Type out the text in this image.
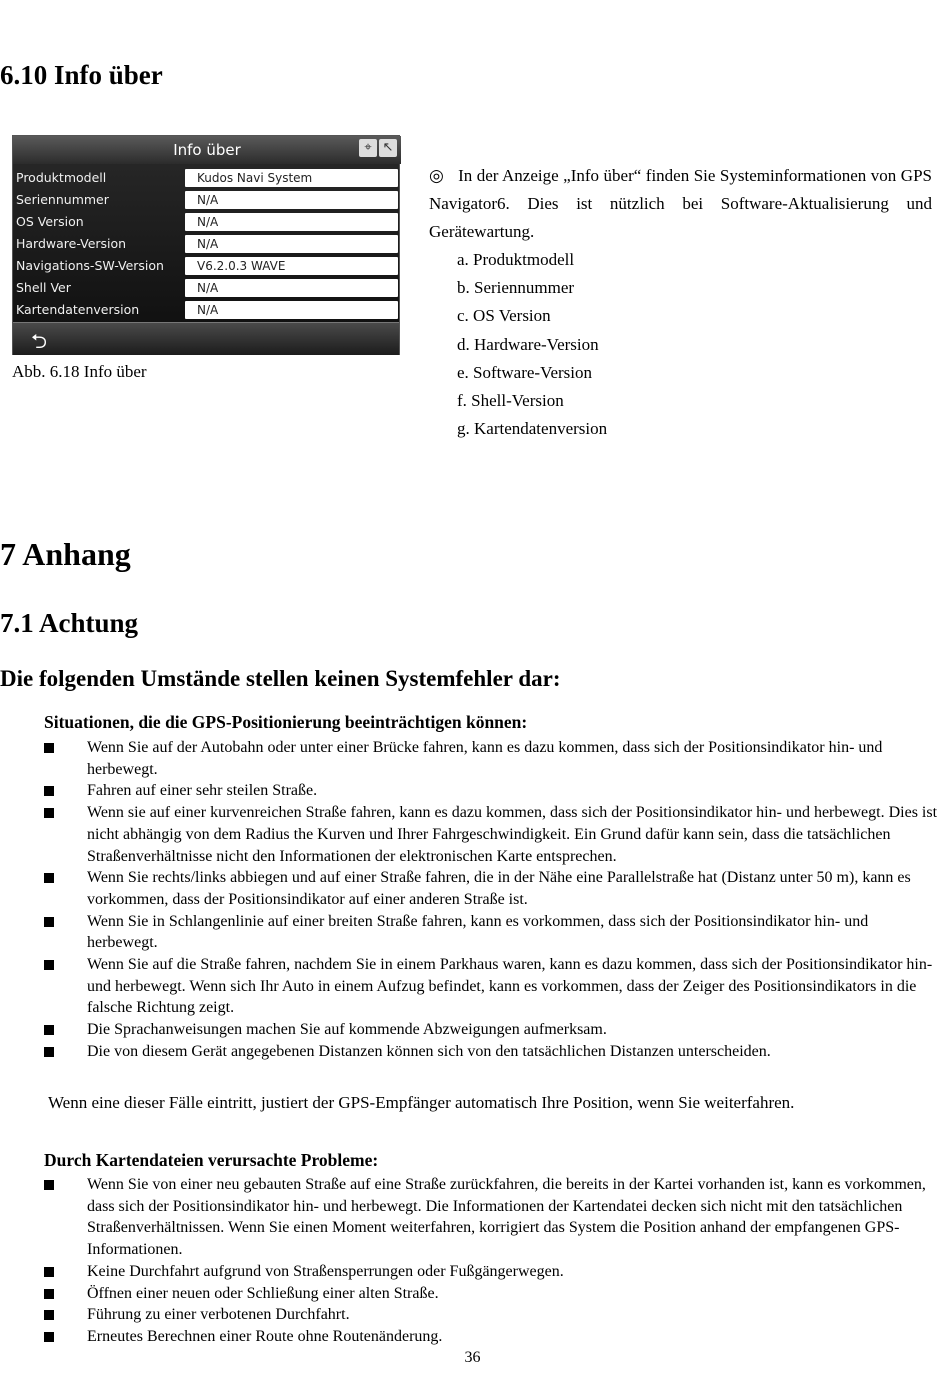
6.10 Info über
Info über	⌖ ↖
Produktmodell	Kudos Navi System
Seriennummer	N/A
OS Version	N/A
Hardware-Version	N/A
Navigations-SW-Version	V6.2.0.3 WAVE
Shell Ver	N/A
Kartendatenversion	N/A
⮌
Abb. 6.18 Info über
◎ In der Anzeige „Info über“ finden Sie Systeminformationen von GPS Navigator6. Dies ist nützlich bei Software-Aktualisierung und Gerätewartung.
a. Produktmodell
b. Seriennummer
c. OS Version
d. Hardware-Version
e. Software-Version
f. Shell-Version
g. Kartendatenversion
7 Anhang
7.1 Achtung
Die folgenden Umstände stellen keinen Systemfehler dar:
Situationen, die die GPS-Positionierung beeinträchtigen können:
Wenn Sie auf der Autobahn oder unter einer Brücke fahren, kann es dazu kommen, dass sich der Positionsindikator hin- und herbewegt.
Fahren auf einer sehr steilen Straße.
Wenn sie auf einer kurvenreichen Straße fahren, kann es dazu kommen, dass sich der Positionsindikator hin- und herbewegt. Dies ist nicht abhängig von dem Radius the Kurven und Ihrer Fahrgeschwindigkeit. Ein Grund dafür kann sein, dass die tatsächlichen Straßenverhältnisse nicht den Informationen der elektronischen Karte entsprechen.
Wenn Sie rechts/links abbiegen und auf einer Straße fahren, die in der Nähe eine Parallelstraße hat (Distanz unter 50 m), kann es vorkommen, dass der Positionsindikator auf einer anderen Straße ist.
Wenn Sie in Schlangenlinie auf einer breiten Straße fahren, kann es vorkommen, dass sich der Positionsindikator hin- und herbewegt.
Wenn Sie auf die Straße fahren, nachdem Sie in einem Parkhaus waren, kann es dazu kommen, dass sich der Positionsindikator hin- und herbewegt. Wenn sich Ihr Auto in einem Aufzug befindet, kann es vorkommen, dass der Zeiger des Positionsindikators in die falsche Richtung zeigt.
Die Sprachanweisungen machen Sie auf kommende Abzweigungen aufmerksam.
Die von diesem Gerät angegebenen Distanzen können sich von den tatsächlichen Distanzen unterscheiden.
Wenn eine dieser Fälle eintritt, justiert der GPS-Empfänger automatisch Ihre Position, wenn Sie weiterfahren.
Durch Kartendateien verursachte Probleme:
Wenn Sie von einer neu gebauten Straße auf eine Straße zurückfahren, die bereits in der Kartei vorhanden ist, kann es vorkommen, dass sich der Positionsindikator hin- und herbewegt. Die Informationen der Kartendatei decken sich nicht mit den tatsächlichen Straßenverhältnissen. Wenn Sie einen Moment weiterfahren, korrigiert das System die Position anhand der empfangenen GPS-Informationen.
Keine Durchfahrt aufgrund von Straßensperrungen oder Fußgängerwegen.
Öffnen einer neuen oder Schließung einer alten Straße.
Führung zu einer verbotenen Durchfahrt.
Erneutes Berechnen einer Route ohne Routenänderung.
36
